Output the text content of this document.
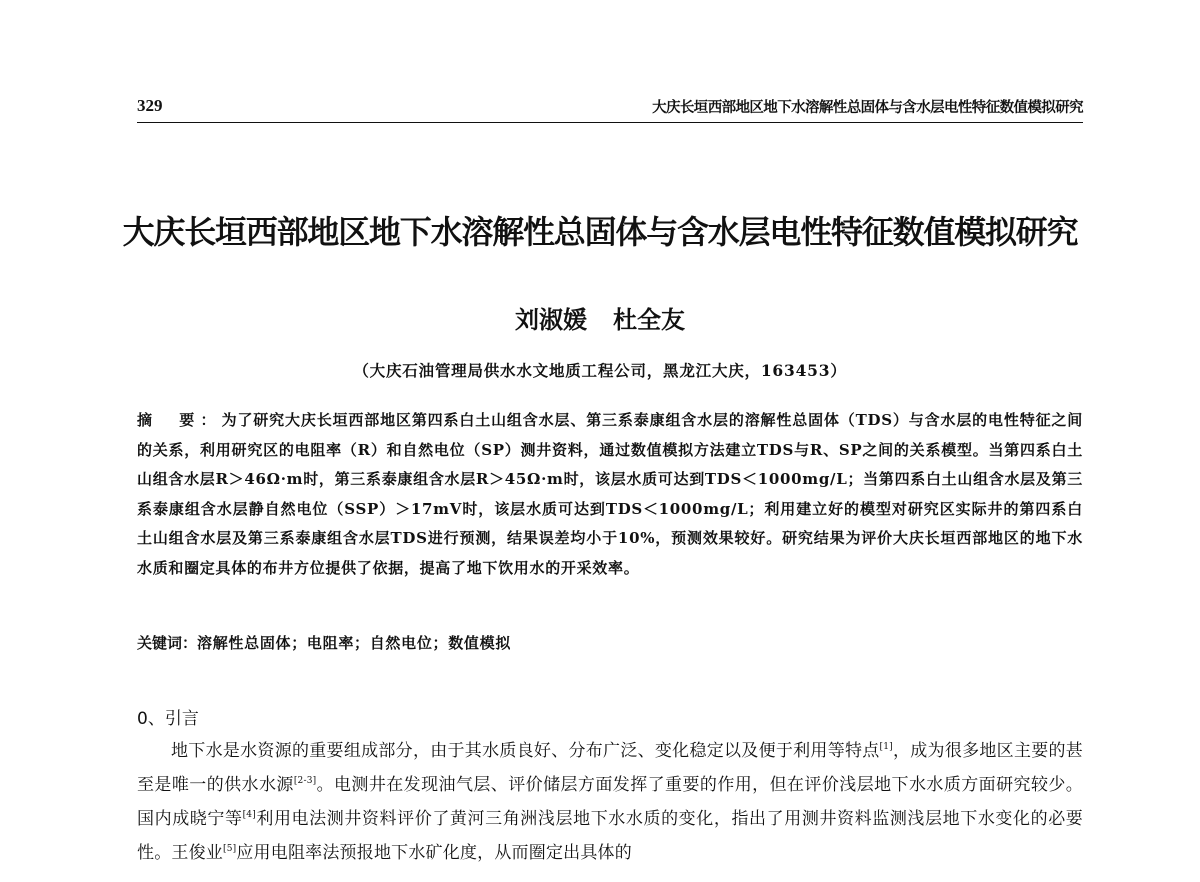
329	大庆长垣西部地区地下水溶解性总固体与含水层电性特征数值模拟研究
大庆长垣西部地区地下水溶解性总固体与含水层电性特征数值模拟研究
刘淑媛 杜全友
（大庆石油管理局供水水文地质工程公司，黑龙江大庆，163453）
摘　要：为了研究大庆长垣西部地区第四系白土山组含水层、第三系泰康组含水层的溶解性总固体（TDS）与含水层的电性特征之间的关系，利用研究区的电阻率（R）和自然电位（SP）测井资料，通过数值模拟方法建立TDS与R、SP之间的关系模型。当第四系白土山组含水层R＞46Ω·m时，第三系泰康组含水层R＞45Ω·m时，该层水质可达到TDS＜1000mg/L；当第四系白土山组含水层及第三系泰康组含水层静自然电位（SSP）＞17mV时，该层水质可达到TDS＜1000mg/L；利用建立好的模型对研究区实际井的第四系白土山组含水层及第三系泰康组含水层TDS进行预测，结果误差均小于10%，预测效果较好。研究结果为评价大庆长垣西部地区的地下水水质和圈定具体的布井方位提供了依据，提高了地下饮用水的开采效率。
关键词：溶解性总固体；电阻率；自然电位；数值模拟
0、引言
地下水是水资源的重要组成部分，由于其水质良好、分布广泛、变化稳定以及便于利用等特点[1]，成为很多地区主要的甚至是唯一的供水水源[2-3]。电测井在发现油气层、评价储层方面发挥了重要的作用，但在评价浅层地下水水质方面研究较少。国内成晓宁等[4]利用电法测井资料评价了黄河三角洲浅层地下水水质的变化，指出了用测井资料监测浅层地下水变化的必要性。王俊业[5]应用电阻率法预报地下水矿化度，从而圈定出具体的
